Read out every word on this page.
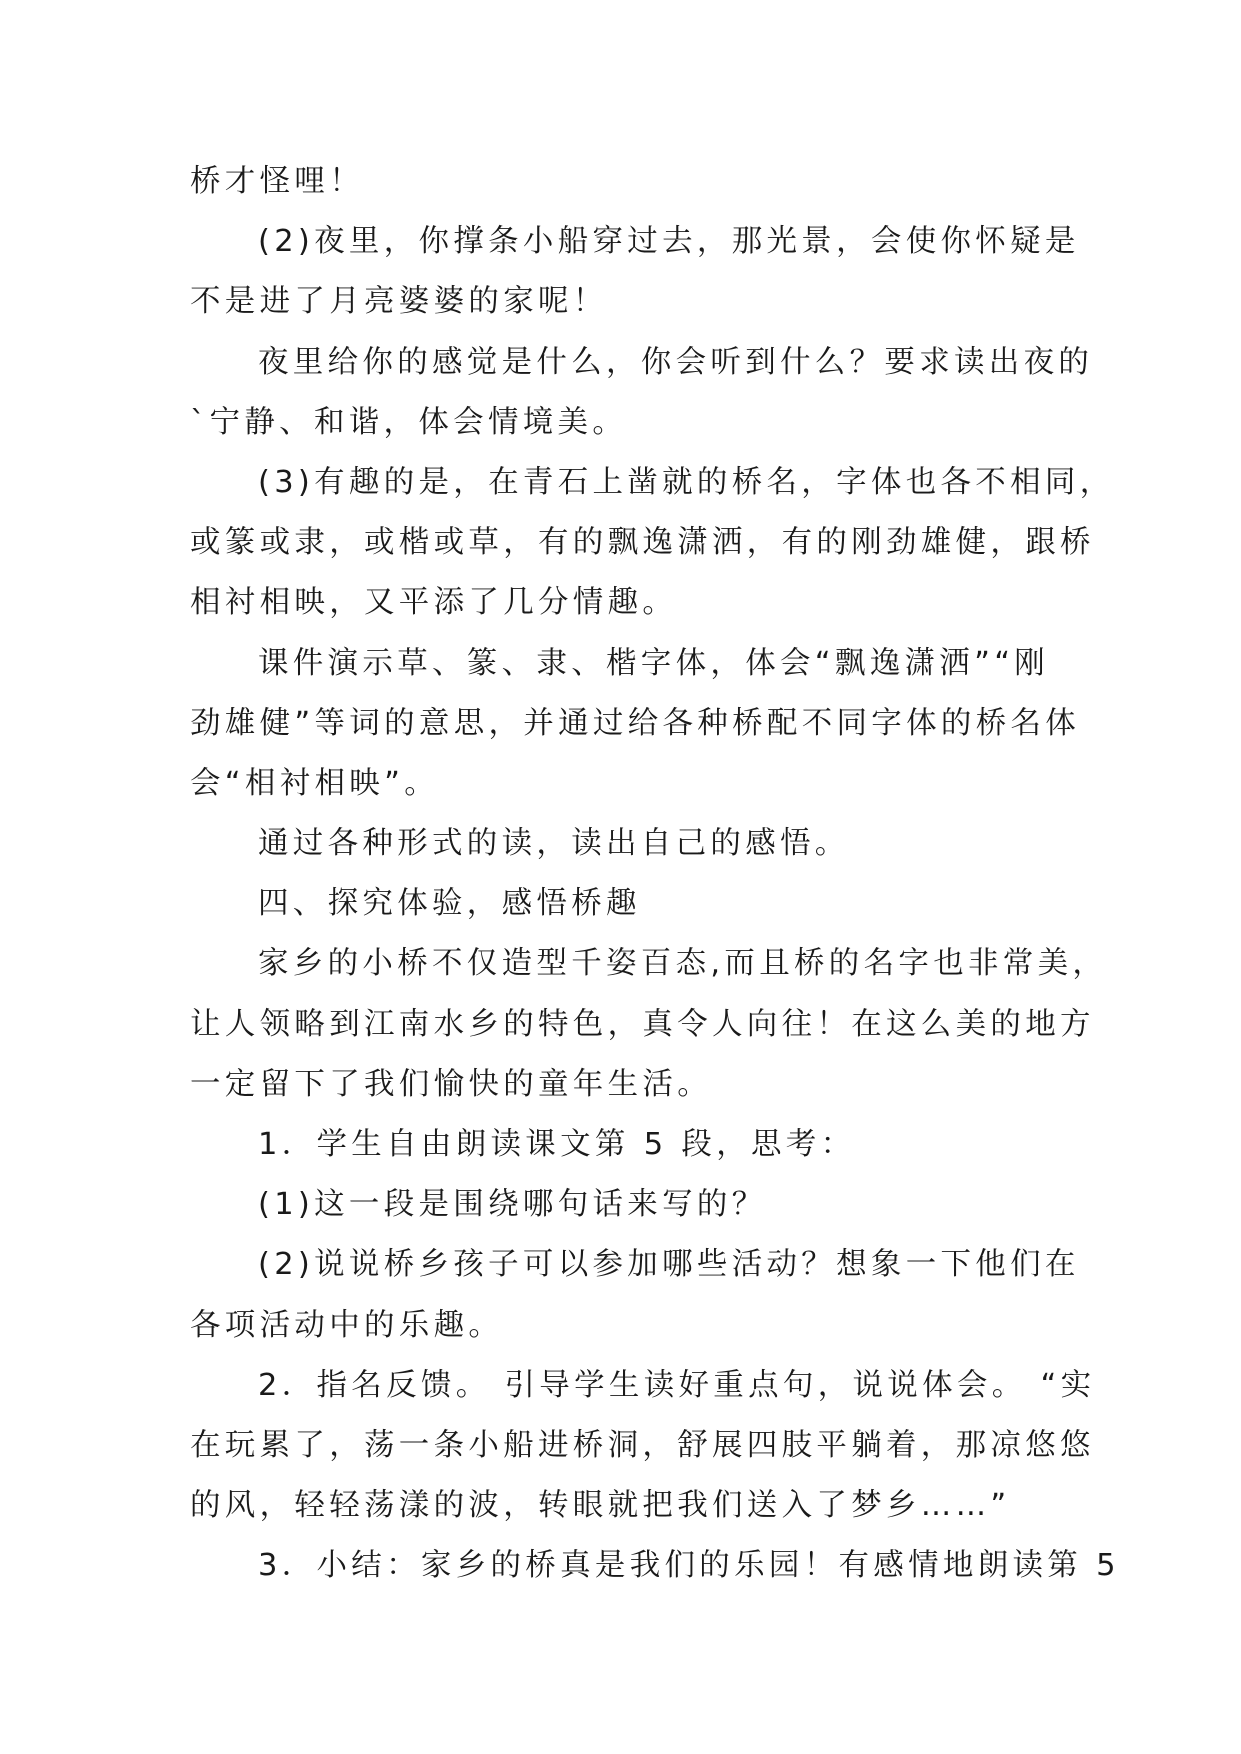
桥才怪哩！

(2)夜里，你撑条小船穿过去，那光景，会使你怀疑是

不是进了月亮婆婆的家呢！

夜里给你的感觉是什么，你会听到什么？要求读出夜的

`宁静、和谐，体会情境美。

(3)有趣的是，在青石上凿就的桥名，字体也各不相同，

或篆或隶，或楷或草，有的飘逸潇洒，有的刚劲雄健，跟桥

相衬相映，又平添了几分情趣。

课件演示草、篆、隶、楷字体，体会“飘逸潇洒”“刚

劲雄健”等词的意思，并通过给各种桥配不同字体的桥名体

会“相衬相映”。

通过各种形式的读，读出自己的感悟。

四、探究体验，感悟桥趣

家乡的小桥不仅造型千姿百态,而且桥的名字也非常美，

让人领略到江南水乡的特色，真令人向往！在这么美的地方

一定留下了我们愉快的童年生活。

1．学生自由朗读课文第 5 段，思考：

(1)这一段是围绕哪句话来写的？

(2)说说桥乡孩子可以参加哪些活动？想象一下他们在

各项活动中的乐趣。

2．指名反馈。 引导学生读好重点句，说说体会。 “实

在玩累了，荡一条小船进桥洞，舒展四肢平躺着，那凉悠悠

的风，轻轻荡漾的波，转眼就把我们送入了梦乡……”

3．小结：家乡的桥真是我们的乐园！有感情地朗读第 5
